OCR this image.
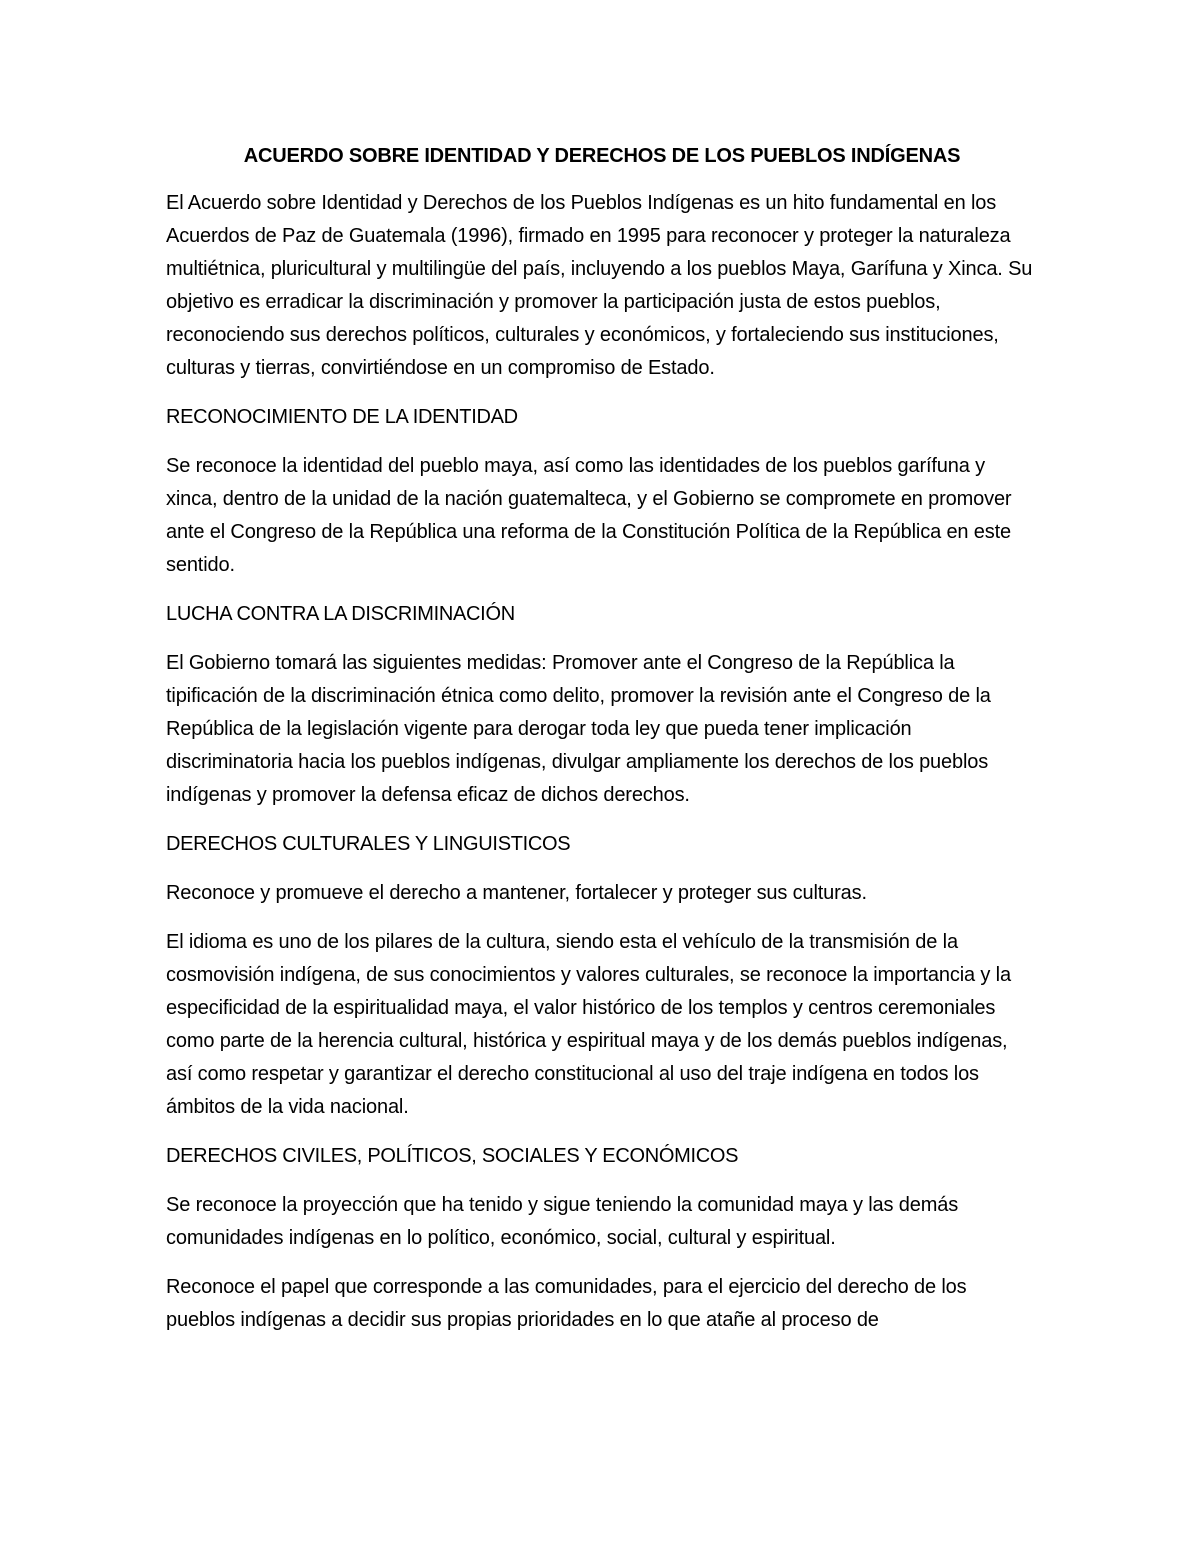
ACUERDO SOBRE IDENTIDAD Y DERECHOS DE LOS PUEBLOS INDÍGENAS

El Acuerdo sobre Identidad y Derechos de los Pueblos Indígenas es un hito fundamental en los Acuerdos de Paz de Guatemala (1996), firmado en 1995 para reconocer y proteger la naturaleza multiétnica, pluricultural y multilingüe del país, incluyendo a los pueblos Maya, Garífuna y Xinca. Su objetivo es erradicar la discriminación y promover la participación justa de estos pueblos, reconociendo sus derechos políticos, culturales y económicos, y fortaleciendo sus instituciones, culturas y tierras, convirtiéndose en un compromiso de Estado.

RECONOCIMIENTO DE LA IDENTIDAD

Se reconoce la identidad del pueblo maya, así como las identidades de los pueblos garífuna y xinca, dentro de la unidad de la nación guatemalteca, y el Gobierno se compromete en promover ante el Congreso de la República una reforma de la Constitución Política de la República en este sentido.

LUCHA CONTRA LA DISCRIMINACIÓN

El Gobierno tomará las siguientes medidas: Promover ante el Congreso de la República la tipificación de la discriminación étnica como delito, promover la revisión ante el Congreso de la República de la legislación vigente para derogar toda ley que pueda tener implicación discriminatoria hacia los pueblos indígenas, divulgar ampliamente los derechos de los pueblos indígenas y promover la defensa eficaz de dichos derechos.

DERECHOS CULTURALES Y LINGUISTICOS

Reconoce y promueve el derecho a mantener, fortalecer y proteger sus culturas.

El idioma es uno de los pilares de la cultura, siendo esta el vehículo de la transmisión de la cosmovisión indígena, de sus conocimientos y valores culturales, se reconoce la importancia y la especificidad de la espiritualidad maya, el valor histórico de los templos y centros ceremoniales como parte de la herencia cultural, histórica y espiritual maya y de los demás pueblos indígenas, así como respetar y garantizar el derecho constitucional al uso del traje indígena en todos los ámbitos de la vida nacional.

DERECHOS CIVILES, POLÍTICOS, SOCIALES Y ECONÓMICOS

Se reconoce la proyección que ha tenido y sigue teniendo la comunidad maya y las demás comunidades indígenas en lo político, económico, social, cultural y espiritual.

Reconoce el papel que corresponde a las comunidades, para el ejercicio del derecho de los pueblos indígenas a decidir sus propias prioridades en lo que atañe al proceso de
